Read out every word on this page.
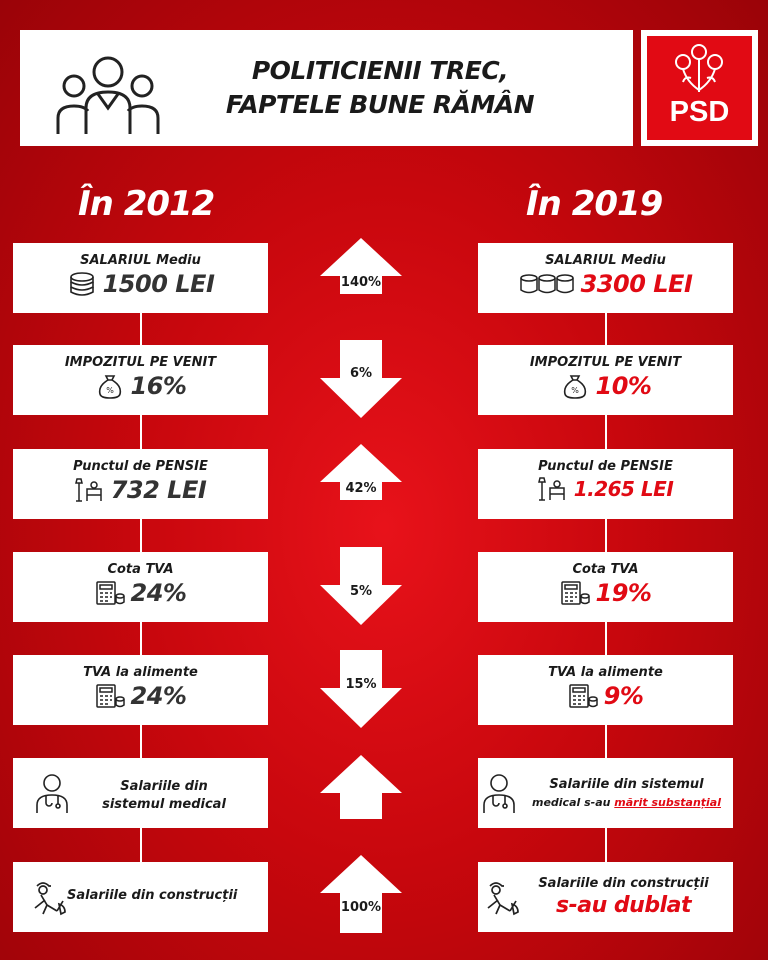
POLITICIENII TREC,
FAPTELE BUNE RĂMÂN	PSD
În 2012	În 2019
SALARIUL Mediu
1500 LEI	140%
SALARIUL Mediu
3300 LEI
IMPOZITUL PE VENIT
% 16%	6%
IMPOZITUL PE VENIT
% 10%
Punctul de PENSIE
732 LEI	42%
Punctul de PENSIE
1.265 LEI
Cota TVA
24%	5%
Cota TVA
19%
TVA la alimente
24%	15%
TVA la alimente
9%
Salariile din
sistemul medical
Salariile din sistemul
medical s-au mărit substanțial
Salariile din construcții
100%
Salariile din construcții
s-au dublat
